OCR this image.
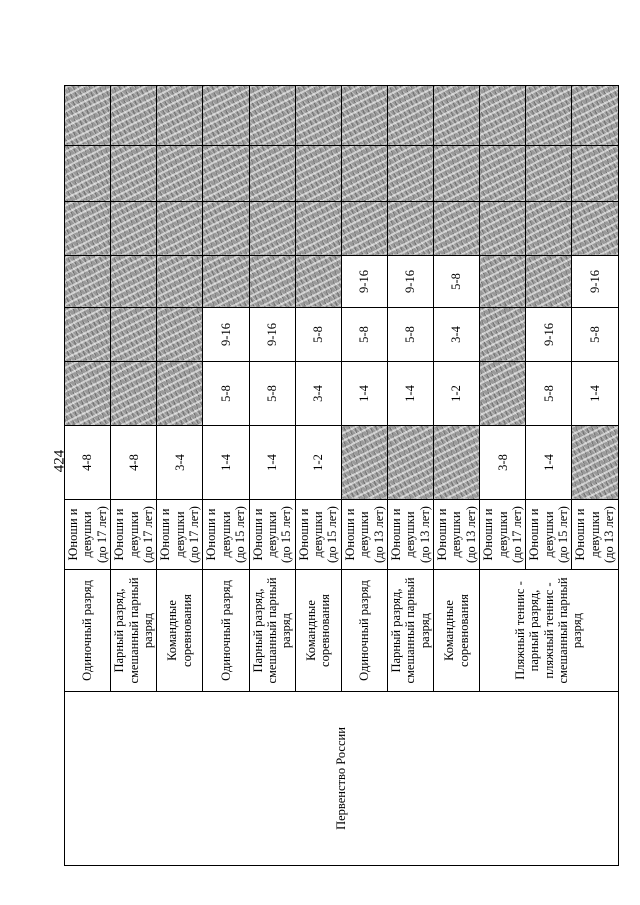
424
Первенство России	Одиночный разряд	Юноши и девушки (до 17 лет)	4-8						
	Парный разряд, смешанный парный разряд	Юноши и девушки (до 17 лет)	4-8						
	Командные соревнования	Юноши и девушки (до 17 лет)	3-4						
	Одиночный разряд	Юноши и девушки (до 15 лет)	1-4	5-8	9-16				
	Парный разряд, смешанный парный разряд	Юноши и девушки (до 15 лет)	1-4	5-8	9-16				
	Командные соревнования	Юноши и девушки (до 15 лет)	1-2	3-4	5-8				
	Одиночный разряд	Юноши и девушки (до 13 лет)		1-4	5-8	9-16			
	Парный разряд, смешанный парный разряд	Юноши и девушки (до 13 лет)		1-4	5-8	9-16			
	Командные соревнования	Юноши и девушки (до 13 лет)		1-2	3-4	5-8			
	Пляжный теннис - парный разряд, пляжный теннис - смешанный парный разряд	Юноши и девушки (до 17 лет)	3-8						
		Юноши и девушки (до 15 лет)	1-4	5-8	9-16				
		Юноши и девушки (до 13 лет)		1-4	5-8	9-16			
